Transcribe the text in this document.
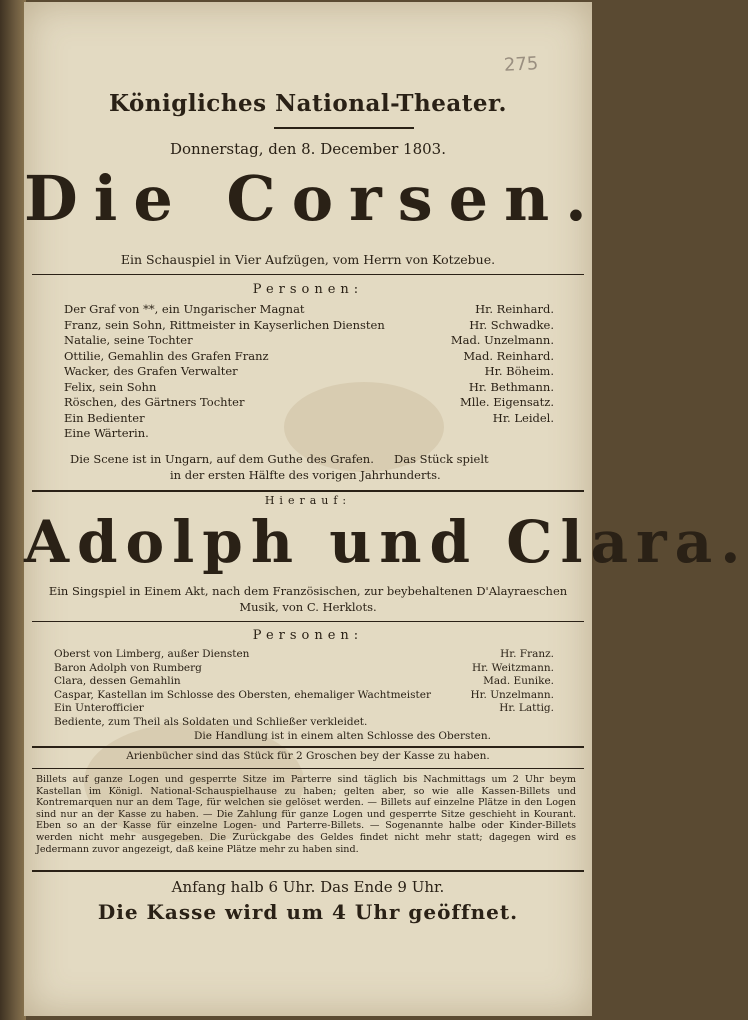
275
Königliches National-Theater.
Donnerstag, den 8. December 1803.
Die Corsen.
Ein Schauspiel in Vier Aufzügen, vom Herrn von Kotzebue.
Personen:
Der Graf von **, ein Ungarischer Magnat	Hr. Reinhard.
Franz, sein Sohn, Rittmeister in Kayserlichen Diensten	Hr. Schwadke.
Natalie, seine Tochter	Mad. Unzelmann.
Ottilie, Gemahlin des Grafen Franz	Mad. Reinhard.
Wacker, des Grafen Verwalter	Hr. Böheim.
Felix, sein Sohn	Hr. Bethmann.
Röschen, des Gärtners Tochter	Mlle. Eigensatz.
Ein Bedienter	Hr. Leidel.
Eine Wärterin.
Die Scene ist in Ungarn, auf dem Guthe des Grafen. Das Stück spielt
in der ersten Hälfte des vorigen Jahrhunderts.
Hierauf:
Adolph und Clara.
Ein Singspiel in Einem Akt, nach dem Französischen, zur beybehaltenen D'Alayraeschen
Musik, von C. Herklots.
Personen:
Oberst von Limberg, außer Diensten	Hr. Franz.
Baron Adolph von Rumberg	Hr. Weitzmann.
Clara, dessen Gemahlin	Mad. Eunike.
Caspar, Kastellan im Schlosse des Obersten, ehemaliger Wachtmeister	Hr. Unzelmann.
Ein Unterofficier	Hr. Lattig.
Bediente, zum Theil als Soldaten und Schließer verkleidet.
Die Handlung ist in einem alten Schlosse des Obersten.
Arienbücher sind das Stück für 2 Groschen bey der Kasse zu haben.
Billets auf ganze Logen und gesperrte Sitze im Parterre sind täglich bis Nachmittags um 2 Uhr beym Kastellan im Königl. National-Schauspielhause zu haben; gelten aber, so wie alle Kassen-Billets und Kontremarquen nur an dem Tage, für welchen sie gelöset werden. — Billets auf einzelne Plätze in den Logen sind nur an der Kasse zu haben. — Die Zahlung für ganze Logen und gesperrte Sitze geschieht in Kourant. Eben so an der Kasse für einzelne Logen- und Parterre-Billets. — Sogenannte halbe oder Kinder-Billets werden nicht mehr ausgegeben. Die Zurückgabe des Geldes findet nicht mehr statt; dagegen wird es Jedermann zuvor angezeigt, daß keine Plätze mehr zu haben sind.
Anfang halb 6 Uhr. Das Ende 9 Uhr.
Die Kasse wird um 4 Uhr geöffnet.
